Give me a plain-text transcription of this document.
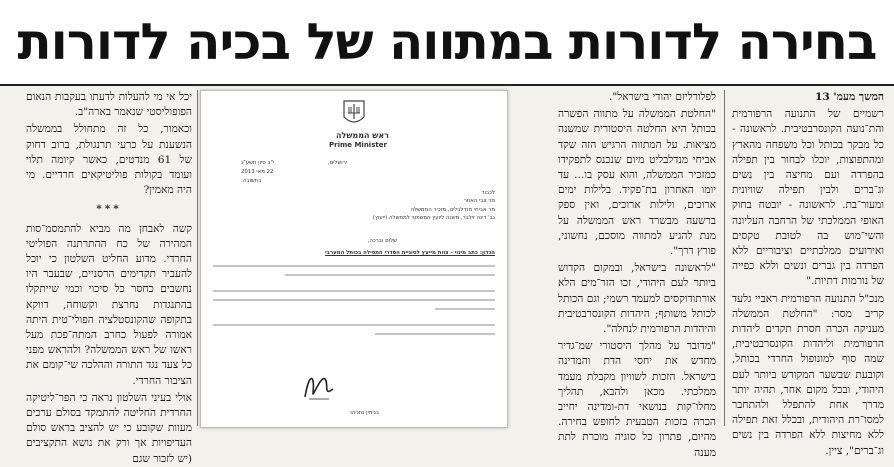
בחירה לדורות במתווה של בכיה לדורות

המשך מעמ' 13

רשמיים של התנועה הרפורמית והת־נועה הקונסרבטיבית. לראשונה - כל מבקר בכותל וכל משפחה מהארץ ומהתפוצות, יוכלו לבחור בין תפילה בהפרדה ועם מחיצה בין נשים וג־ברים ולבין תפילה שוויונית ומעור־בת. לראשונה - יובטח בחוק האופי הממלכתי של הרחבה העליונה והשי־מוש בה לטובת טקסים ואירועים ממלכתיים וציבוריים ללא הפרדה בין גברים ונשים וללא כפייה של נורמות דתיות."

מנכ"ל התנועה הרפורמית ראביי גלעד קריב מסר: "החלטת הממשלה מעניקה הכרה חסרת תקדים ליהדות הרפורמית וליהדות הקונסרבטיבית, שמה סוף למונופול החרדי בכותל, וקובעת שבשער המקודש ביותר לעם היהודי, ובכל מקום אחר, תהיה יותר מדרך אחת להתפלל ולהתחבר למסו־רת היהודית, ובכלל זאת תפילה ללא מחיצות ללא הפרדה בין נשים וג־ברים", ציין.

לפלורליזם יהודי בישראל".

"החלטת הממשלה על מתווה הפשרה בכותל היא החלטה היסטורית שמשנה מציאות. על המתווה הרגיש הזה שקד אביחי מנדלבליט מיום שנכנס לתפקידו כמזכיר הממשלה, והוא עסק בו... עד יומו האחרון בת־פקיד. בלילות ימים ארוכים, ולילות ארוכים, ואין ספק ברשעה מבשרד ראש הממשלה על מנת להגיע למתווה מוסכם, נחשוני, פורץ דרך".

"לראשונה בישראל, ובמקום הקדוש ביותר לעם היהודי, זכו הזר־מים הלא אורתודוקסים למעמד רשמי; וגם הכותל לכותל משותף; היהדות הקונסרבטיבית והיהדות הרפורמית לנחלה".

"מדובר על מהלך היסטורי שמ־גדיר מחדש את יחסי הדת והמדינה בישראל. הזכות לשוויון מקבלת מעמד ממלכתי. מכאן ולהבא, תהליך מחלו־קות בנושאי דת-ומדינה יחייב הכרה בזכות הטבעית לחופש בחירה. מהיום, פתרון כל סוגיה מוכרת לתת מענה

ראש הממשלה
Prime Minister
ירושלים,
י"ב סיון תשע"ג
22 מאי 2013
בתשובה:
לכבוד
מר צבי האוזר
מר אביחי מנדלבליט, מזכיר הממשלה
גב' דינה זילבר, משנה ליועץ המשפטי לממשלה (ייעוץ)
שלום וברכה,
הנדון: כתב מינוי - צוות מייעץ לסוגיית הסדרי התפילה בכותל המערבי
בנימין נתניהו

יכל אי מי להעלות לדעתו בעקבות הנאום הפופוליסטי שנאמר בארה"ב.

וכאמור, כל זה מתחולל בממשלה הנשענת על כרעי תרנגולת, ברוב דחוק של 61 מנדטים, כאשר קיומה תלוי ועומד בקולות פוליטיקאים חרדיים. מי היה מאמין?

***

קשה לאבחן מה מביא להתמסמ־סות המהירה של כח ההתרתנה הפוליטי החרדי. מדוע החליט השלטון כי יוכל להעביר תקדימים הרסניים, שבעבר היו נחשבים כחסר כל סיכוי וכמי שייתקלו בהתנגדות נחרצת וקשוחה, דווקא בתקופה שהקונסטלציה הפולי־טית היתה אמורה לפעול כחרב המתה־פכת מעל ראשו של ראש הממשלה? ולהראש מפני כל צעד נגד התורה וההלכה שי־קומם את הציבור החרדי.

אולי בעיני השלטון נראה כי הפר־ליטיקה החרדית החליטה להתמקד בסולם ערכים מעוות שקובע כי יש להציב בראש סולם העדיפויות אך ורק את נושא התקציבים (יש לזכור שגם
